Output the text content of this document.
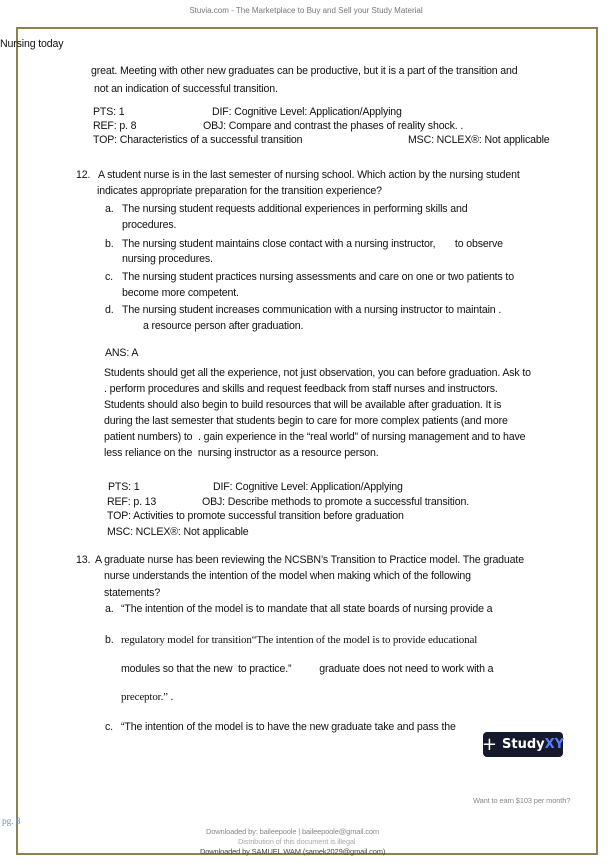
Stuvia.com - The Marketplace to Buy and Sell your Study Material
Nursing today
great. Meeting with other new graduates can be productive, but it is a part of the transition and
not an indication of successful transition.
PTS: 1	DIF: Cognitive Level: Application/Applying
REF: p. 8	OBJ: Compare and contrast the phases of reality shock. .
TOP: Characteristics of a successful transition	MSC: NCLEX®: Not applicable
12. A student nurse is in the last semester of nursing school. Which action by the nursing student
indicates appropriate preparation for the transition experience?
a. The nursing student requests additional experiences in performing skills and
procedures.
b. The nursing student maintains close contact with a nursing instructor,       to observe
nursing procedures.
c. The nursing student practices nursing assessments and care on one or two patients to
become more competent.
d. The nursing student increases communication with a nursing instructor to maintain .
a resource person after graduation.
ANS: A
Students should get all the experience, not just observation, you can before graduation. Ask to
. perform procedures and skills and request feedback from staff nurses and instructors.
Students should also begin to build resources that will be available after graduation. It is
during the last semester that students begin to care for more complex patients (and more
patient numbers) to  . gain experience in the “real world” of nursing management and to have
less reliance on the  nursing instructor as a resource person.
PTS: 1	DIF: Cognitive Level: Application/Applying
REF: p. 13	OBJ: Describe methods to promote a successful transition.
TOP: Activities to promote successful transition before graduation
MSC: NCLEX®: Not applicable
13. A graduate nurse has been reviewing the NCSBN’s Transition to Practice model. The graduate
nurse understands the intention of the model when making which of the following
statements?
a. “The intention of the model is to mandate that all state boards of nursing provide a
b. regulatory model for transition“The intention of the model is to provide educational
modules so that the new  to practice.”          graduate does not need to work with a
preceptor.” .
c. “The intention of the model is to have the new graduate take and pass the
+ StudyXY
Want to earn $103 per month?
pg. 8
Downloaded by: baileepoole | baileepoole@gmail.com
Distribution of this document is illegal
Downloaded by SAMUEL WAM (samek2029@gmail.com)
